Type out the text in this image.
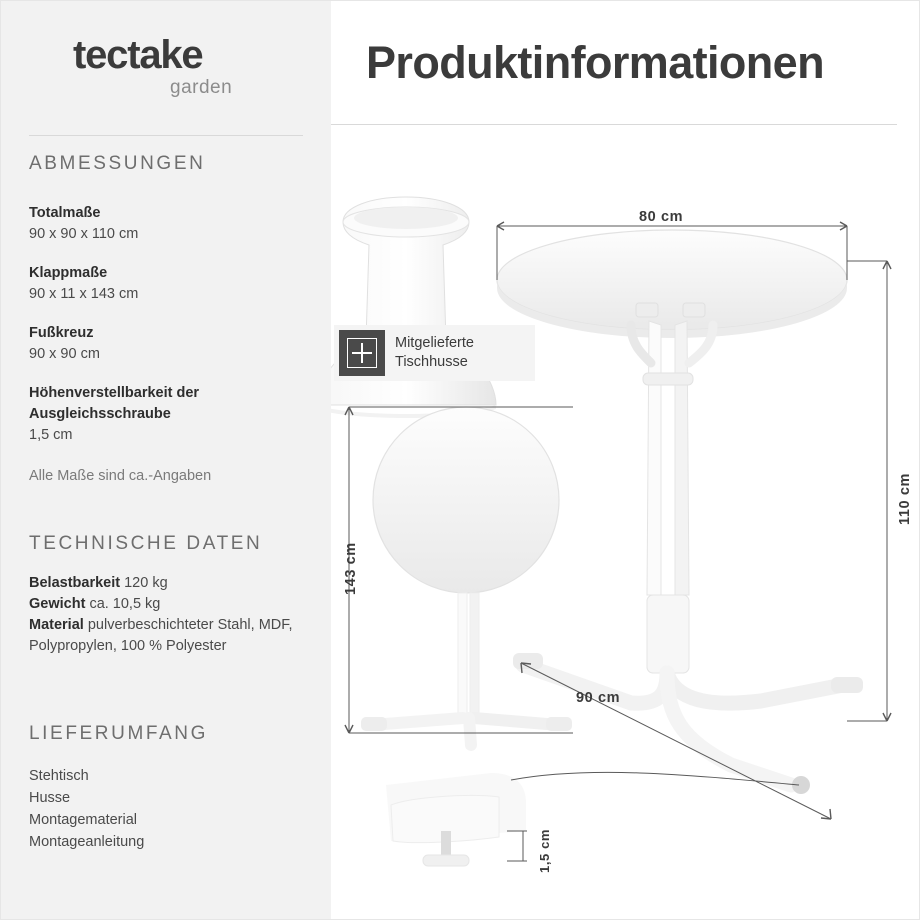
tectake
garden	Produktinformationen
ABMESSUNGEN
Totalmaße
90 x 90 x 110 cm
Klappmaße
90 x 11 x 143 cm
Fußkreuz
90 x 90 cm
Höhenverstellbarkeit der Ausgleichsschraube
1,5 cm
Alle Maße sind ca.-Angaben
TECHNISCHE DATEN
Belastbarkeit 120 kg
Gewicht ca. 10,5 kg
Material pulverbeschichteter Stahl, MDF, Polypropylen, 100 % Polyester
LIEFERUMFANG
Stehtisch
Husse
Montagematerial
Montageanleitung
80 cm
110 cm
143 cm
90 cm
1,5 cm
Mitgelieferte
Tischhusse
